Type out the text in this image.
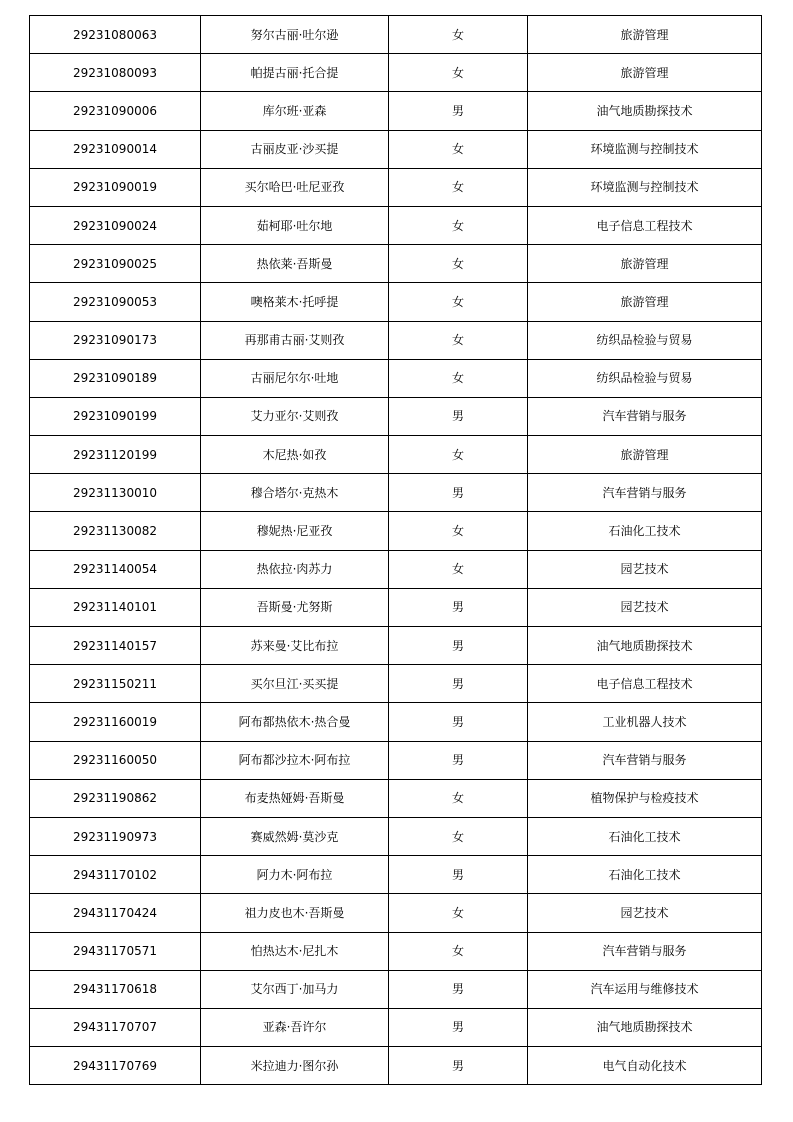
29231080063	努尔古丽·吐尔逊	女	旅游管理
29231080093	帕提古丽·托合提	女	旅游管理
29231090006	库尔班·亚森	男	油气地质勘探技术
29231090014	古丽皮亚·沙买提	女	环境监测与控制技术
29231090019	买尔哈巴·吐尼亚孜	女	环境监测与控制技术
29231090024	茹柯耶·吐尔地	女	电子信息工程技术
29231090025	热依莱·吾斯曼	女	旅游管理
29231090053	噢格莱木·托呼提	女	旅游管理
29231090173	再那甫古丽·艾则孜	女	纺织品检验与贸易
29231090189	古丽尼尔尔·吐地	女	纺织品检验与贸易
29231090199	艾力亚尔·艾则孜	男	汽车营销与服务
29231120199	木尼热·如孜	女	旅游管理
29231130010	穆合塔尔·克热木	男	汽车营销与服务
29231130082	穆妮热·尼亚孜	女	石油化工技术
29231140054	热依拉·肉苏力	女	园艺技术
29231140101	吾斯曼·尤努斯	男	园艺技术
29231140157	苏来曼·艾比布拉	男	油气地质勘探技术
29231150211	买尔旦江·买买提	男	电子信息工程技术
29231160019	阿布都热依木·热合曼	男	工业机器人技术
29231160050	阿布都沙拉木·阿布拉	男	汽车营销与服务
29231190862	布麦热娅姆·吾斯曼	女	植物保护与检疫技术
29231190973	赛威然姆·莫沙克	女	石油化工技术
29431170102	阿力木·阿布拉	男	石油化工技术
29431170424	祖力皮也木·吾斯曼	女	园艺技术
29431170571	怕热达木·尼扎木	女	汽车营销与服务
29431170618	艾尔西丁·加马力	男	汽车运用与维修技术
29431170707	亚森·吾许尔	男	油气地质勘探技术
29431170769	米拉迪力·图尔孙	男	电气自动化技术
